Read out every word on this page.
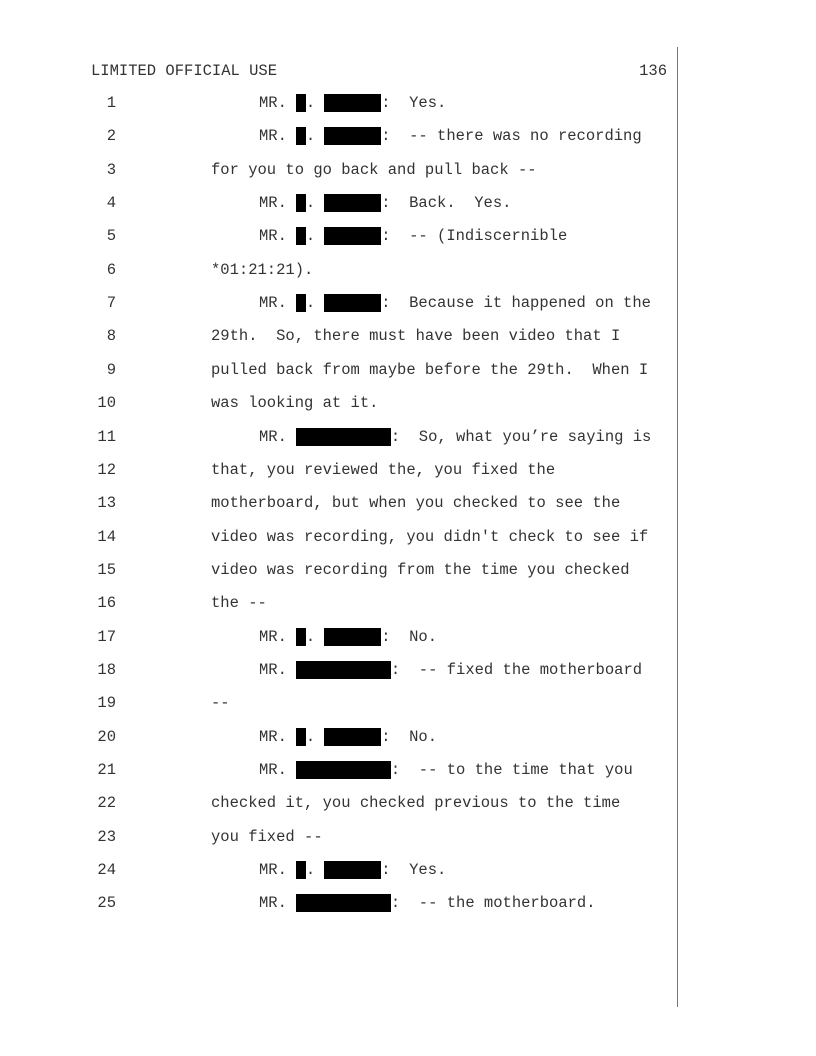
LIMITED OFFICIAL USE	136
1	MR. .	:  Yes.
2	MR. .	:  -- there was no recording
3	for you to go back and pull back --
4	MR. .	:  Back.  Yes.
5	MR. .	:  -- (Indiscernible
6	*01:21:21).
7	MR. .	:  Because it happened on the
8	29th.  So, there must have been video that I
9	pulled back from maybe before the 29th.  When I
10	was looking at it.
11	MR.	:  So, what you’re saying is
12	that, you reviewed the, you fixed the
13	motherboard, but when you checked to see the
14	video was recording, you didn't check to see if
15	video was recording from the time you checked
16	the --
17	MR. .	:  No.
18	MR.	:  -- fixed the motherboard
19	--
20	MR. .	:  No.
21	MR.	:  -- to the time that you
22	checked it, you checked previous to the time
23	you fixed --
24	MR. .	:  Yes.
25	MR.	:  -- the motherboard.
